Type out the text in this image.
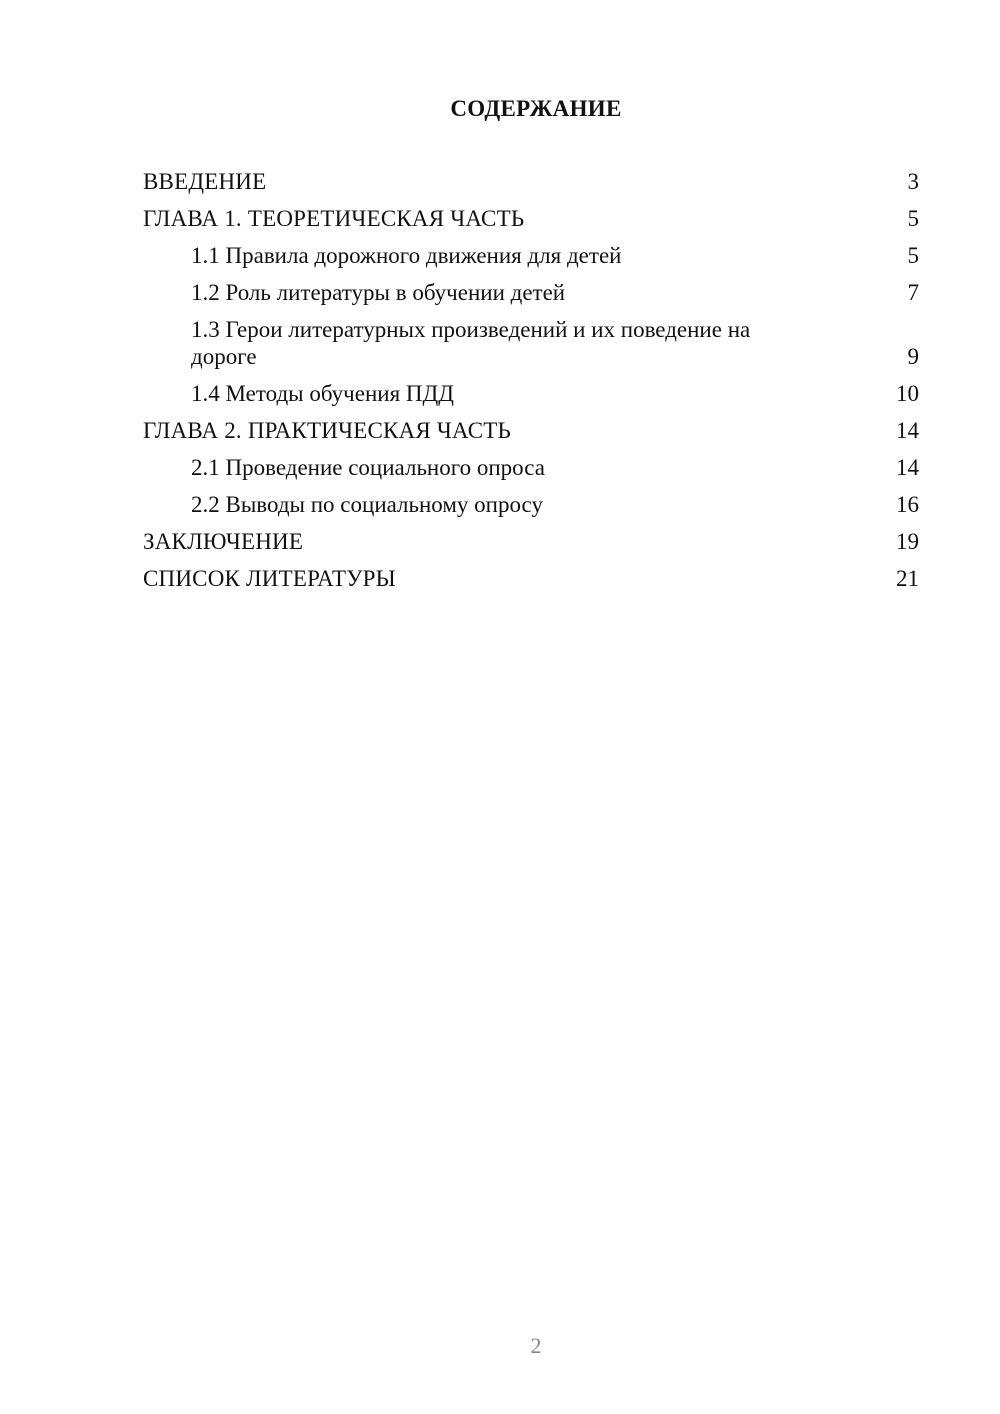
СОДЕРЖАНИЕ
ВВЕДЕНИЕ	3
ГЛАВА 1. ТЕОРЕТИЧЕСКАЯ ЧАСТЬ	5
1.1 Правила дорожного движения для детей	5
1.2 Роль литературы в обучении детей	7
1.3 Герои литературных произведений и их поведение на дороге	9
1.4 Методы обучения ПДД	10
ГЛАВА 2. ПРАКТИЧЕСКАЯ ЧАСТЬ	14
2.1 Проведение социального опроса	14
2.2 Выводы по социальному опросу	16
ЗАКЛЮЧЕНИЕ	19
СПИСОК ЛИТЕРАТУРЫ	21
2
